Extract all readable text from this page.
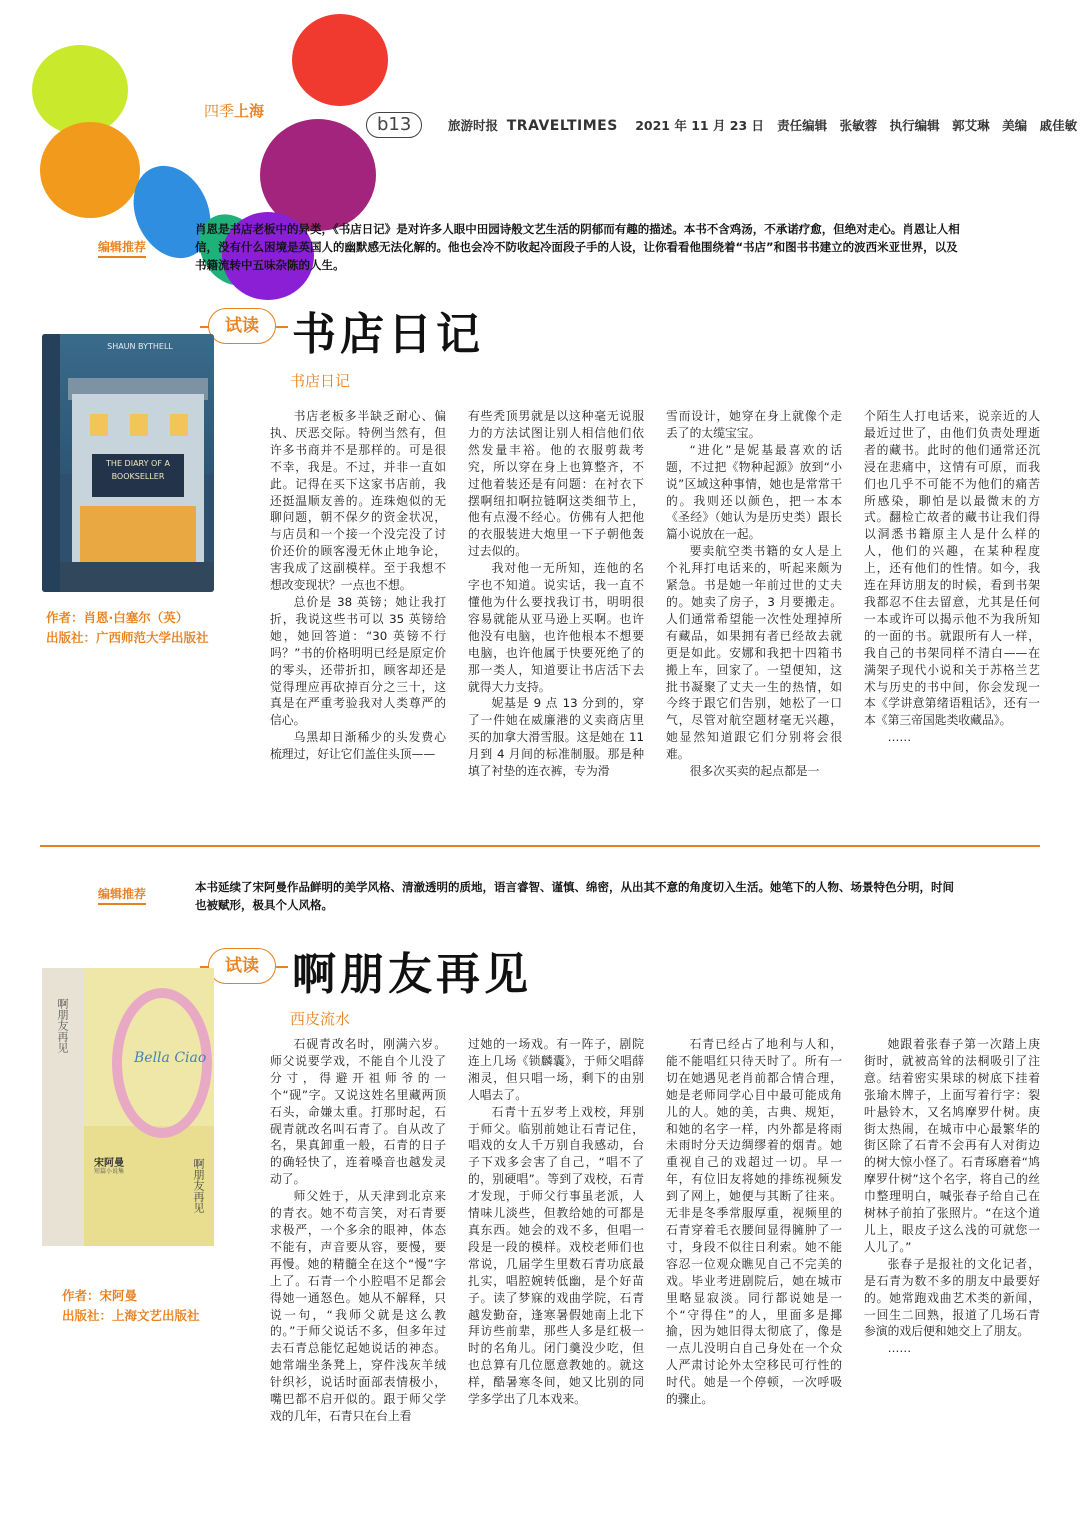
四季上海
b13	旅游时报 TRAVELTIMES 2021 年 11 月 23 日 责任编辑　张敏蓉　执行编辑　郭艾琳　美编　戚佳敏
编辑推荐
肖恩是书店老板中的异类，《书店日记》是对许多人眼中田园诗般文艺生活的阴郁而有趣的描述。本书不含鸡汤，不承诺疗愈，但绝对走心。肖恩让人相信，没有什么困境是英国人的幽默感无法化解的。他也会冷不防收起冷面段子手的人设，让你看看他围绕着“书店”和图书书建立的波西米亚世界，以及书籍流转中五味杂陈的人生。
试读 书店日记
书店日记
SHAUN BYTHELL
THE DIARY OF A BOOKSELLER
作者：肖恩·白塞尔（英）
出版社：广西师范大学出版社

书店老板多半缺乏耐心、偏执、厌恶交际。特例当然有，但许多书商并不是那样的。可是很不幸，我是。不过，并非一直如此。记得在买下这家书店前，我还挺温顺友善的。连珠炮似的无聊问题，朝不保夕的资金状况，与店员和一个接一个没完没了讨价还价的顾客漫无休止地争论，害我成了这副模样。至于我想不想改变现状？一点也不想。

总价是 38 英镑；她让我打折，我说这些书可以 35 英镑给她，她回答道：“30 英镑不行吗？”书的价格明明已经是原定价的零头，还带折扣，顾客却还是觉得理应再砍掉百分之三十，这真是在严重考验我对人类尊严的信心。

乌黑却日渐稀少的头发费心梳理过，好让它们盖住头顶——

有些秃顶男就是以这种毫无说服力的方法试图让别人相信他们依然发量丰裕。他的衣服剪裁考究，所以穿在身上也算整齐，不过他着装还是有问题：在衬衣下摆啊纽扣啊拉链啊这类细节上，他有点漫不经心。仿佛有人把他的衣服装进大炮里一下子朝他轰过去似的。

我对他一无所知，连他的名字也不知道。说实话，我一直不懂他为什么要找我订书，明明很容易就能从亚马逊上买啊。也许他没有电脑，也许他根本不想要电脑，也许他属于快要死绝了的那一类人，知道要让书店活下去就得大力支持。

妮基是 9 点 13 分到的，穿了一件她在威廉港的义卖商店里买的加拿大滑雪服。这是她在 11 月到 4 月间的标准制服。那是种填了衬垫的连衣裤，专为滑

雪而设计，她穿在身上就像个走丢了的太缆宝宝。

“进化”是妮基最喜欢的话题，不过把《物种起源》放到“小说”区域这种事情，她也是常常干的。我则还以颜色，把一本本《圣经》（她认为是历史类）跟长篇小说放在一起。

要卖航空类书籍的女人是上个礼拜打电话来的，听起来颇为紧急。书是她一年前过世的丈夫的。她卖了房子，3 月要搬走。人们通常希望能一次性处理掉所有藏品，如果拥有者已经故去就更是如此。安娜和我把十四箱书搬上车，回家了。一望便知，这批书凝聚了丈夫一生的热情，如今终于跟它们告别，她松了一口气，尽管对航空题材毫无兴趣，她显然知道跟它们分别将会很难。

很多次买卖的起点都是一

个陌生人打电话来，说亲近的人最近过世了，由他们负责处理逝者的藏书。此时的他们通常还沉浸在悲痛中，这情有可原，而我们也几乎不可能不为他们的痛苦所感染，聊怕是以最微末的方式。翻检亡故者的藏书让我们得以洞悉书籍原主人是什么样的人，他们的兴趣，在某种程度上，还有他们的性情。如今，我连在拜访朋友的时候，看到书架我都忍不住去留意，尤其是任何一本或许可以揭示他不为我所知的一面的书。就跟所有人一样，我自己的书架同样不清白——在满架子现代小说和关于苏格兰艺术与历史的书中间，你会发现一本《学讲意第绪语粗话》，还有一本《第三帝国匙类收藏品》。

……

编辑推荐	本书延续了宋阿曼作品鲜明的美学风格、清澈透明的质地，语言睿智、谨慎、绵密，从出其不意的角度切入生活。她笔下的人物、场景特色分明，时间也被赋形，极具个人风格。
试读 啊朋友再见
西皮流水
啊朋友再见
Bella Ciao
宋阿曼
短篇小说集	啊朋友再见
作者：宋阿曼
出版社：上海文艺出版社

石砚青改名时，刚满六岁。师父说要学戏，不能自个儿没了分寸，得避开祖师爷的一个“砚”字。又说这姓名里藏两顶石头，命嫌太重。打那时起，石砚青就改名叫石青了。自从改了名，果真卸重一般，石青的日子的确轻快了，连着嗓音也越发灵动了。

师父姓于，从天津到北京来的青衣。她不苟言笑，对石青要求极严，一个多余的眼神，体态不能有，声音要从容，要慢，要再慢。她的精髓全在这个“慢”字上了。石青一个小腔唱不足都会得她一通怒色。她从不解释，只说一句，“我师父就是这么教的。”于师父说话不多，但多年过去石青总能忆起她说话的神态。她常端坐条凳上，穿件浅灰羊绒针织衫，说话时面部表情极小，嘴巴都不启开似的。跟于师父学戏的几年，石青只在台上看

过她的一场戏。有一阵子，剧院连上几场《锁麟囊》，于师父唱薛湘灵，但只唱一场，剩下的由别人唱去了。

石青十五岁考上戏校，拜别于师父。临别前她让石青记住，唱戏的女人千万别自我感动，台子下戏多会害了自己，“唱不了的，别硬唱”。等到了戏校，石青才发现，于师父行事虽老派，人情味儿淡些，但教给她的可都是真东西。她会的戏不多，但唱一段是一段的模样。戏校老师们也常说，几届学生里数石青功底最扎实，唱腔婉转低幽，是个好苗子。读了梦寐的戏曲学院，石青越发勤奋，逢寒暑假她南上北下拜访些前辈，那些人多是红极一时的名角儿。闭门羹没少吃，但也总算有几位愿意教她的。就这样，酷暑寒冬间，她又比别的同学多学出了几本戏来。

石青已经占了地利与人和，能不能唱红只待天时了。所有一切在她遇见老肖前都合情合理，她是老师同学心目中最可能成角儿的人。她的美，古典、规矩，和她的名字一样，内外都是将雨未雨时分天边绸缪着的烟青。她重视自己的戏超过一切。早一年，有位旧友将她的排练视频发到了网上，她便与其断了往来。无非是冬季常服厚重，视频里的石青穿着毛衣腰间显得臃肿了一寸，身段不似往日利索。她不能容忍一位观众瞧见自己不完美的戏。毕业考进剧院后，她在城市里略显寂淡。同行都说她是一个“守得住”的人，里面多是揶揄，因为她旧得太彻底了，像是一点儿没明白自己身处在一个众人严肃讨论外太空移民可行性的时代。她是一个停顿，一次呼吸的骤止。

她跟着张春子第一次踏上庚街时，就被高耸的法桐吸引了注意。结着密实果球的树底下挂着张瑜木牌子，上面写着行字：裂叶悬铃木，又名鸠摩罗什树。庚街太热闹，在城市中心最繁华的街区除了石青不会再有人对街边的树大惊小怪了。石青琢磨着“鸠摩罗什树”这个名字，将自己的丝巾整理明白，喊张春子给自己在树林子前拍了张照片。“在这个道儿上，眼皮子这么浅的可就您一人儿了。”

张春子是报社的文化记者，是石青为数不多的朋友中最要好的。她常跑戏曲艺术类的新闻，一回生二回熟，报道了几场石青参演的戏后便和她交上了朋友。

……
